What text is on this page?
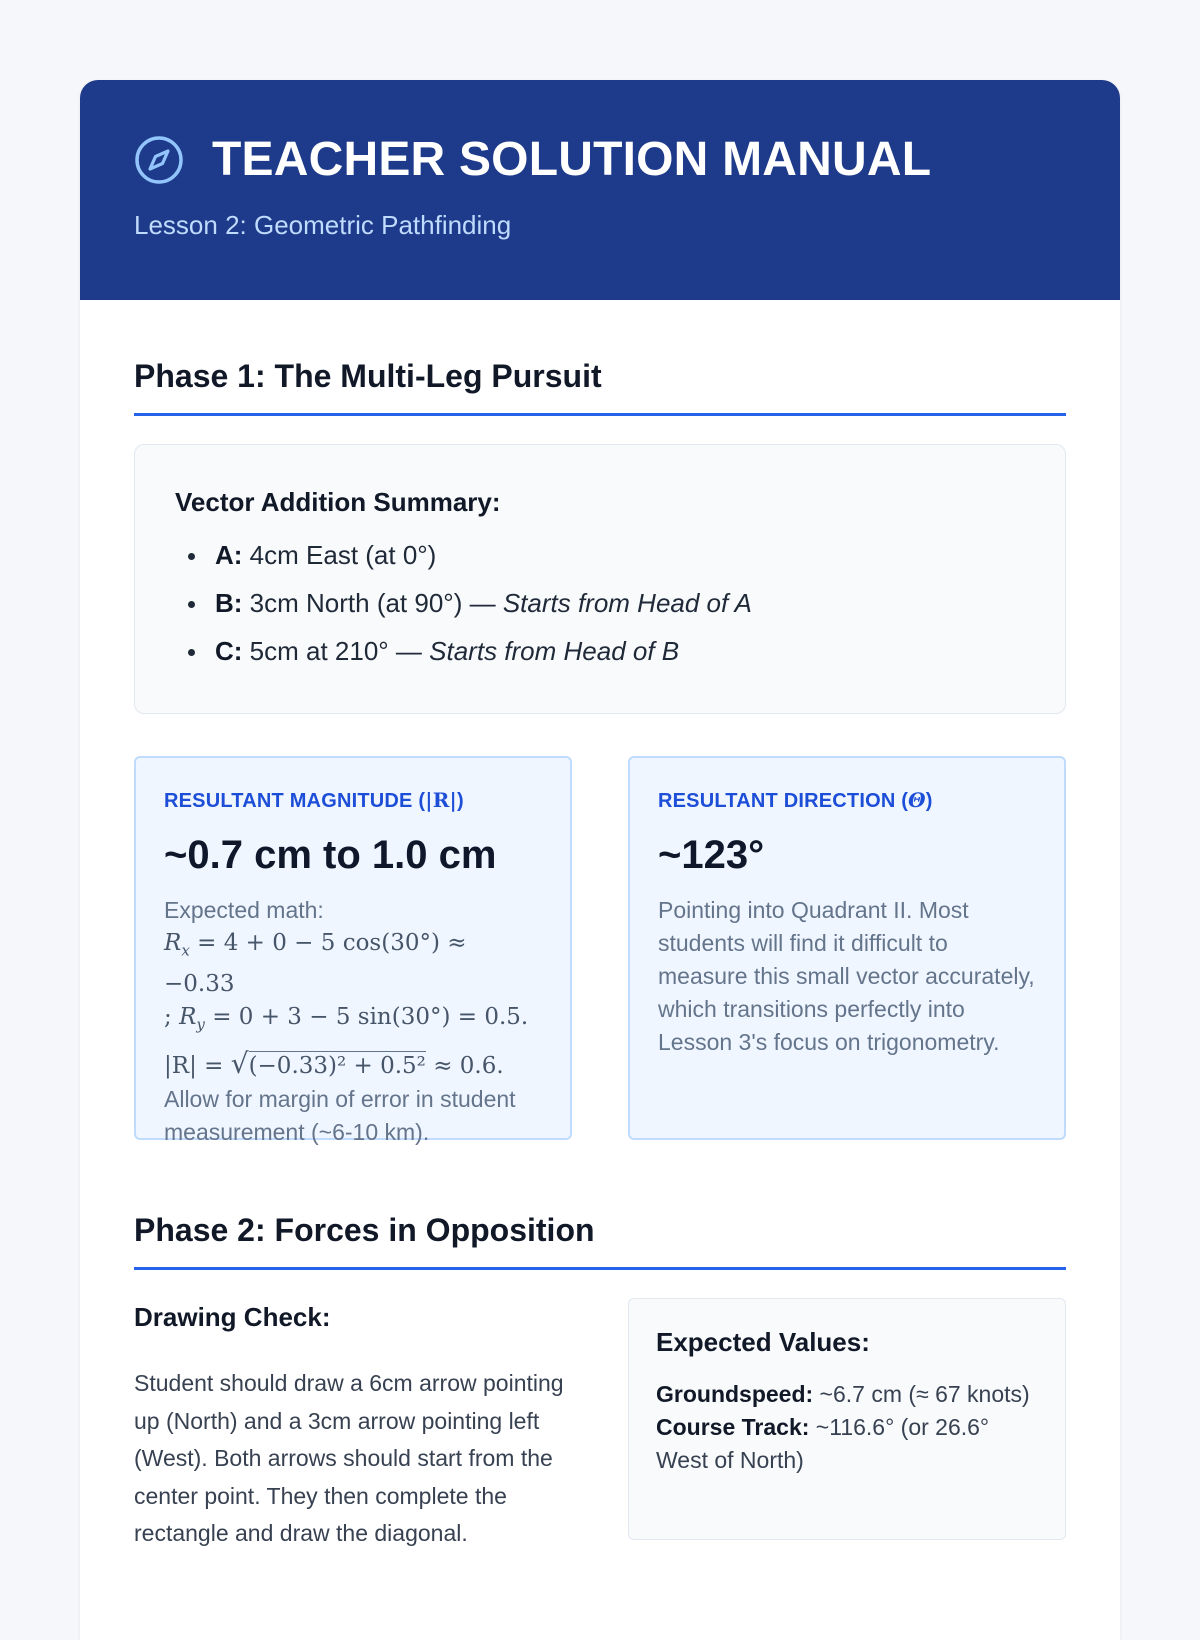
TEACHER SOLUTION MANUAL
Lesson 2: Geometric Pathfinding
Phase 1: The Multi-Leg Pursuit
Vector Addition Summary:
A: 4cm East (at 0°)
B: 3cm North (at 90°) — Starts from Head of A
C: 5cm at 210° — Starts from Head of B
RESULTANT MAGNITUDE (|R|)
~0.7 cm to 1.0 cm
Expected math:
$R_x = 4 + 0 - 5$ cos(30°) ≈ −0.33
; $R_y = 0 + 3 - 5$ sin(30°) = 0.5.
|R| = √(−0.33)² + 0.5² ≈ 0.6.
Allow for margin of error in student measurement (~6-10 km).
RESULTANT DIRECTION (Θ)
~123°
Pointing into Quadrant II. Most students will find it difficult to measure this small vector accurately, which transitions perfectly into Lesson 3's focus on trigonometry.
Phase 2: Forces in Opposition
Drawing Check:
Student should draw a 6cm arrow pointing up (North) and a 3cm arrow pointing left (West). Both arrows should start from the center point. They then complete the rectangle and draw the diagonal.
Expected Values:
Groundspeed: ~6.7 cm (≈ 67 knots)
Course Track: ~116.6° (or 26.6° West of North)
